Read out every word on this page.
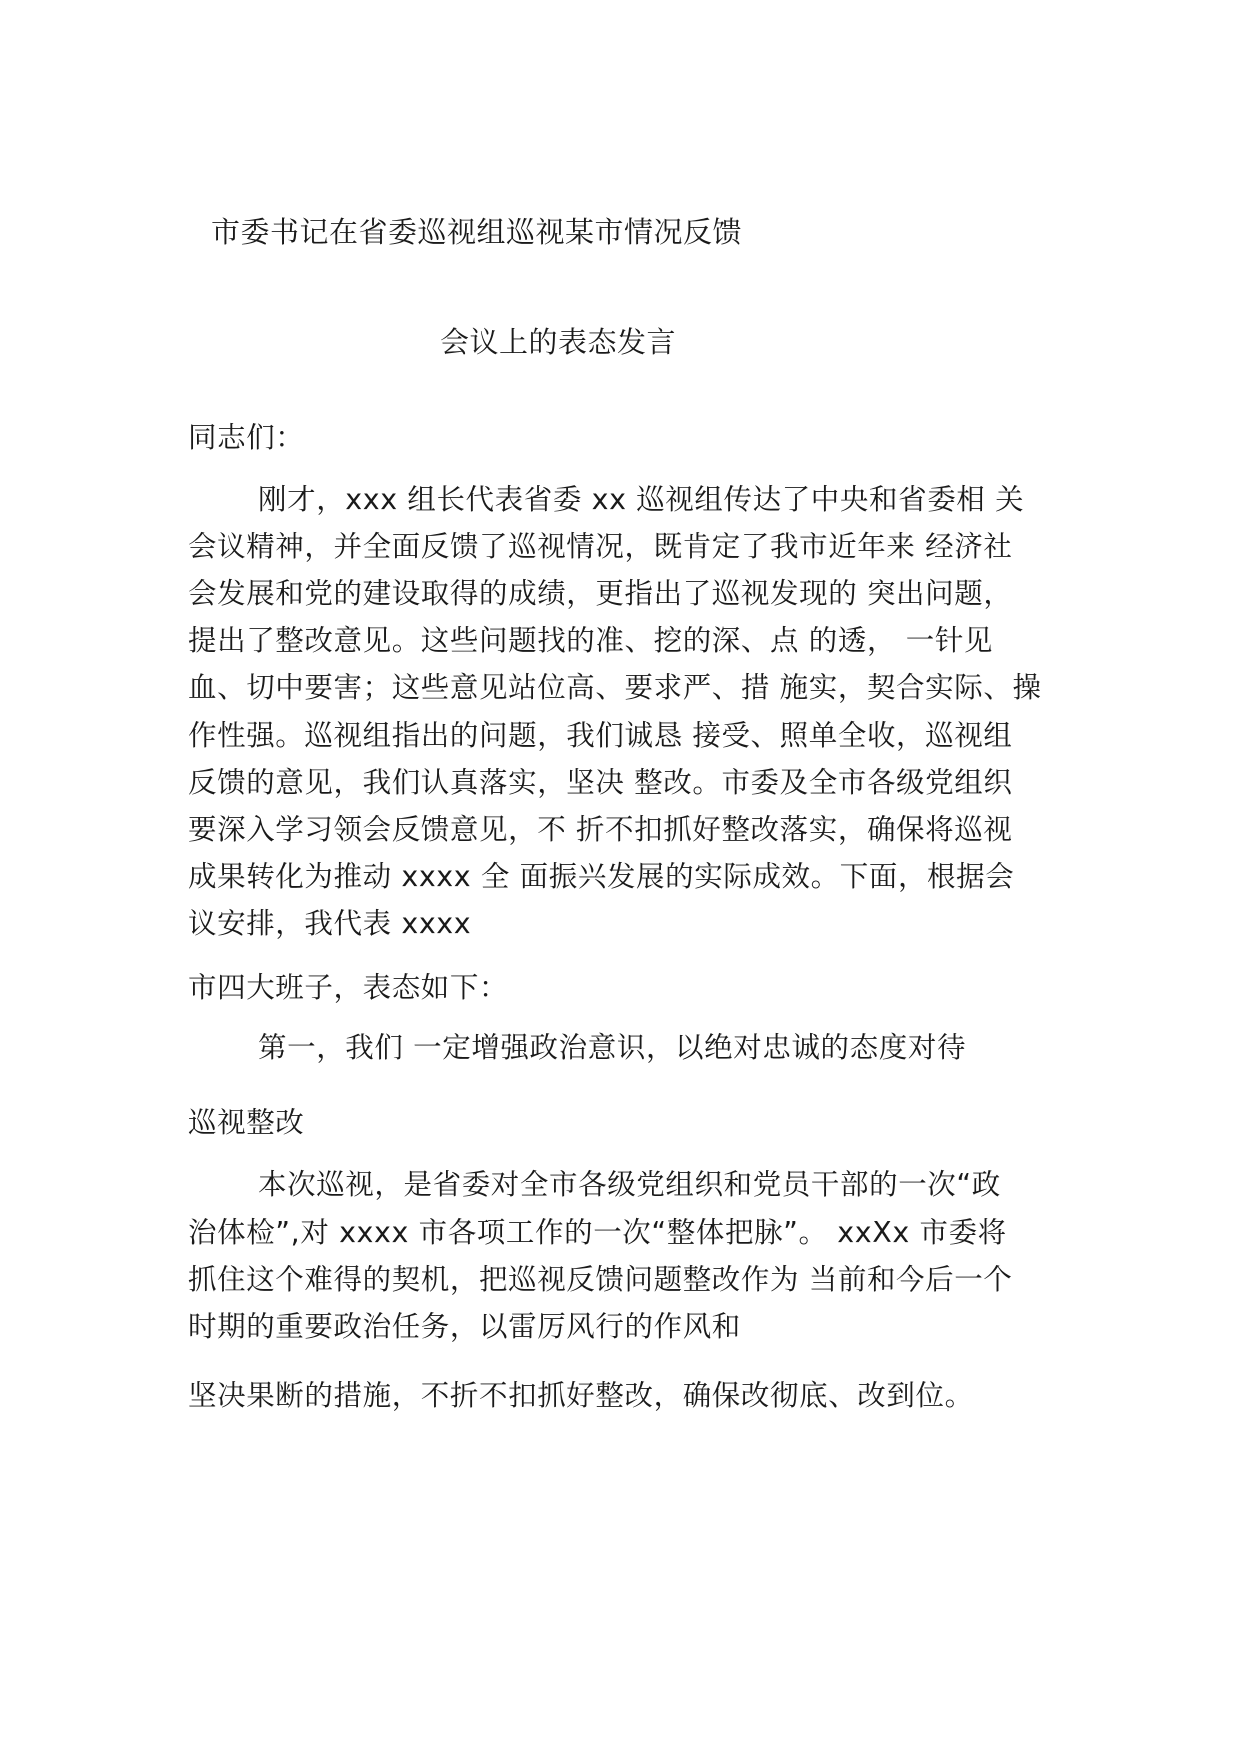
市委书记在省委巡视组巡视某市情况反馈
会议上的表态发言
同志们：
刚才，xxx 组长代表省委 xx 巡视组传达了中央和省委相 关
会议精神，并全面反馈了巡视情况，既肯定了我市近年来 经济社
会发展和党的建设取得的成绩，更指出了巡视发现的 突出问题，
提出了整改意见。这些问题找的准、挖的深、点 的透， 一针见
血、切中要害；这些意见站位高、要求严、措 施实，契合实际、操
作性强。巡视组指出的问题，我们诚恳 接受、照单全收，巡视组
反馈的意见，我们认真落实，坚决 整改。市委及全市各级党组织
要深入学习领会反馈意见，不 折不扣抓好整改落实，确保将巡视
成果转化为推动 xxxx 全 面振兴发展的实际成效。下面，根据会
议安排，我代表 xxxx
市四大班子，表态如下：
第一，我们 一定增强政治意识，以绝对忠诚的态度对待
巡视整改
本次巡视，是省委对全市各级党组织和党员干部的一次“政
治体检”,对 xxxx 市各项工作的一次“整体把脉”。 xxXx 市委将
抓住这个难得的契机，把巡视反馈问题整改作为 当前和今后一个
时期的重要政治任务，以雷厉风行的作风和
坚决果断的措施，不折不扣抓好整改，确保改彻底、改到位。
